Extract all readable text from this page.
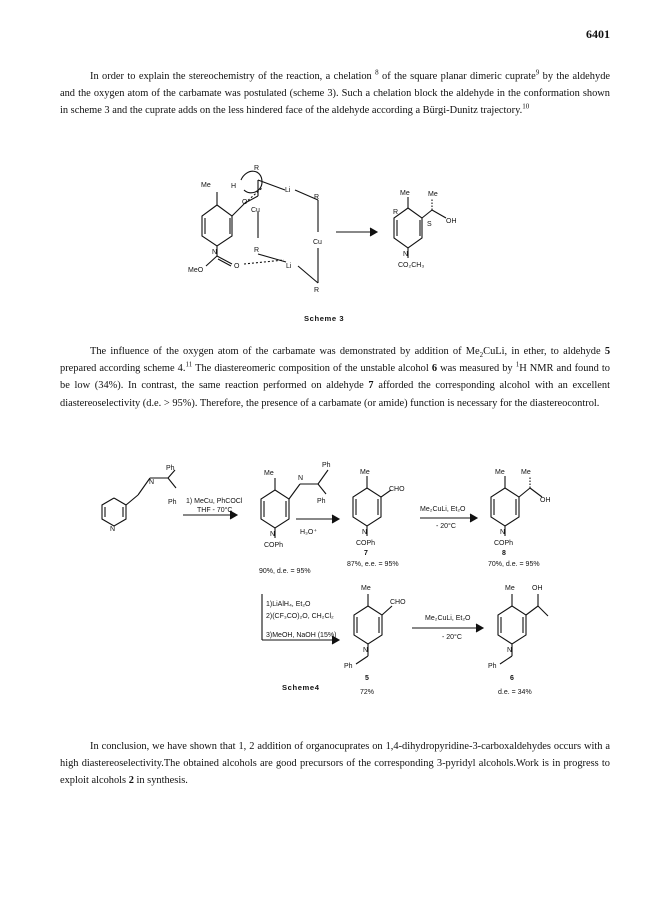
6401

In order to explain the stereochemistry of the reaction, a chelation $^8$ of the square planar dimeric cuprate$^9$ by the aldehyde and the oxygen atom of the carbamate was postulated (scheme 3). Such a chelation block the aldehyde in the conformation shown in scheme 3 and the cuprate adds on the less hindered face of the aldehyde according a Bürgi-Dunitz trajectory.$^{10}$

Me	H
R
Li
R
Cu
O
Cu
R
Li
R
N
O
MeO
Me	Me
R
S OH
N
CO₂CH₃
Scheme 3

The influence of the oxygen atom of the carbamate was demonstrated by addition of $Me_2CuLi$, in ether, to aldehyde 5 prepared according scheme 4.11 The diastereomeric composition of the unstable alcohol 6 was measured by $^1$H NMR and found to be low (34%). In contrast, the same reaction performed on aldehyde 7 afforded the corresponding alcohol with an excellent diastereoselectivity (d.e. > 95%). Therefore, the presence of a carbamate (or amide) function is necessary for the diastereocontrol.

Ph
Ph
N
N
1) MeCu, PhCOCl
THF - 70°C
Me
Ph
Ph
N
N
COPh
90%, d.e. = 95%
H₃O⁺
Me
CHO
N
COPh
7
87%, e.e. = 95%
Me₂CuLi, Et₂O
- 20°C
Me Me
OH
N
COPh
8
70%, d.e. = 95%
1)LiAlH₄, Et₂O
2)(CF₃CO)₂O, CH₂Cl₂
3)MeOH, NaOH (15%)
Me
CHO
N
Ph
5
72%
Me₂CuLi, Et₂O
- 20°C
Me OH
N
Ph
6
d.e. = 34%
Scheme4

In conclusion, we have shown that 1, 2 addition of organocuprates on 1,4-dihydropyridine-3-carboxaldehydes occurs with a high diastereoselectivity.The obtained alcohols are good precursors of the corresponding 3-pyridyl alcohols.Work is in progress to exploit alcohols 2 in synthesis.
